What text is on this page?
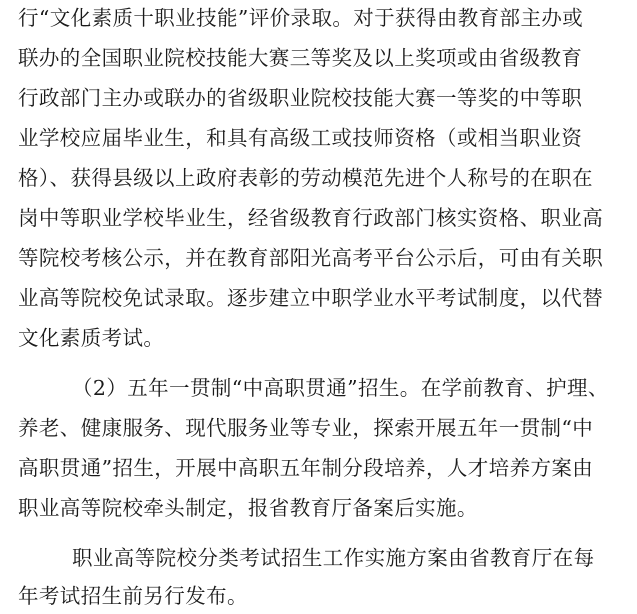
行“文化素质十职业技能”评价录取。对于获得由教育部主办或
联办的全国职业院校技能大赛三等奖及以上奖项或由省级教育
行政部门主办或联办的省级职业院校技能大赛一等奖的中等职
业学校应届毕业生，和具有高级工或技师资格（或相当职业资
格）、获得县级以上政府表彰的劳动模范先进个人称号的在职在
岗中等职业学校毕业生，经省级教育行政部门核实资格、职业高
等院校考核公示，并在教育部阳光高考平台公示后，可由有关职
业高等院校免试录取。逐步建立中职学业水平考试制度，以代替
文化素质考试。
（2）五年一贯制“中高职贯通”招生。在学前教育、护理、
养老、健康服务、现代服务业等专业，探索开展五年一贯制“中
高职贯通”招生，开展中高职五年制分段培养，人才培养方案由
职业高等院校牵头制定，报省教育厅备案后实施。
职业高等院校分类考试招生工作实施方案由省教育厅在每
年考试招生前另行发布。
